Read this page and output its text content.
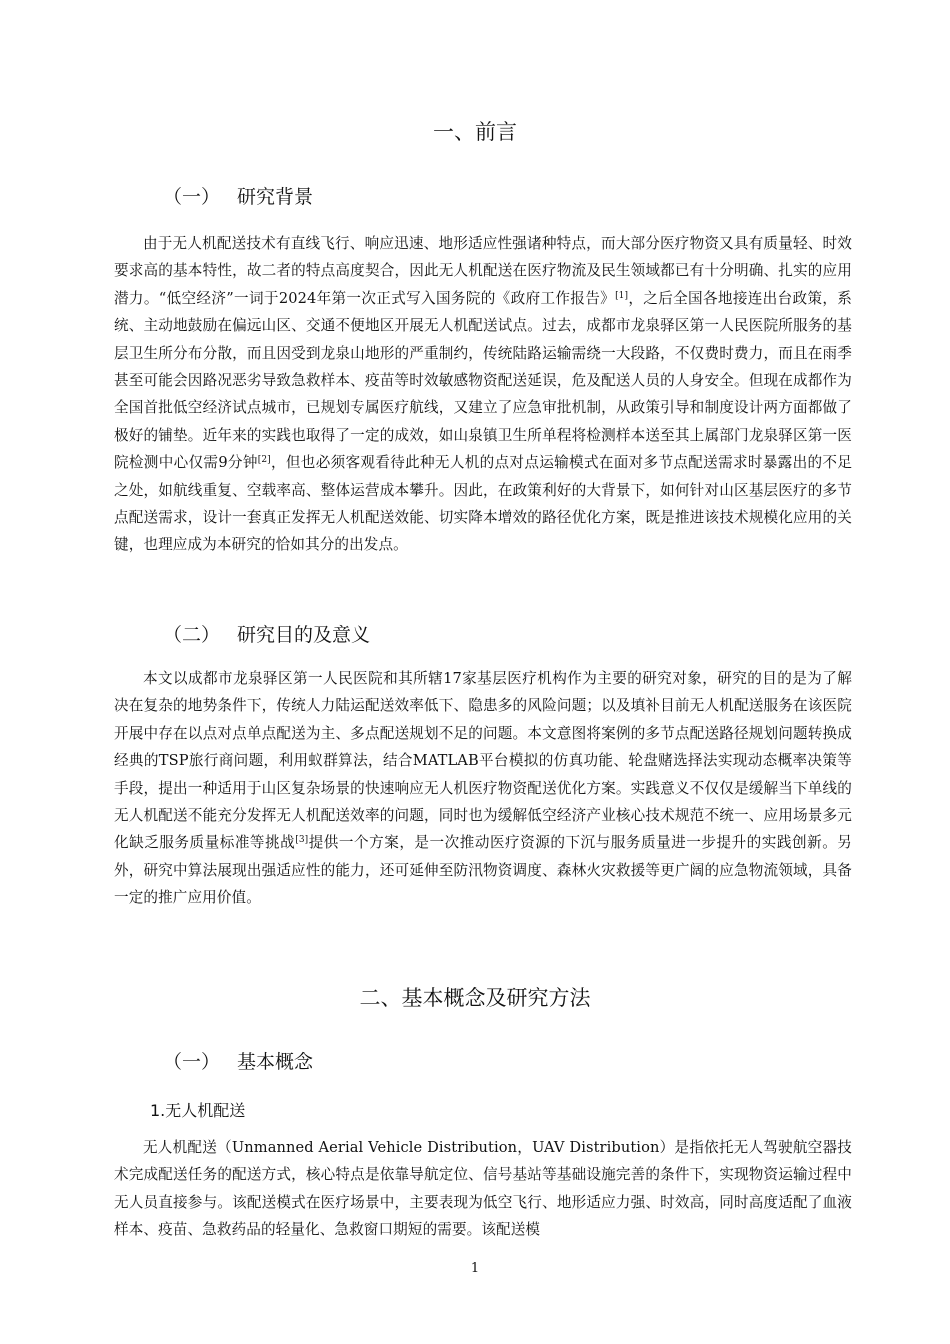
一、前言
（一） 研究背景

由于无人机配送技术有直线飞行、响应迅速、地形适应性强诸种特点，而大部分医疗物资又具有质量轻、时效要求高的基本特性，故二者的特点高度契合，因此无人机配送在医疗物流及民生领域都已有十分明确、扎实的应用潜力。“低空经济”一词于2024年第一次正式写入国务院的《政府工作报告》[1]，之后全国各地接连出台政策，系统、主动地鼓励在偏远山区、交通不便地区开展无人机配送试点。过去，成都市龙泉驿区第一人民医院所服务的基层卫生所分布分散，而且因受到龙泉山地形的严重制约，传统陆路运输需绕一大段路，不仅费时费力，而且在雨季甚至可能会因路况恶劣导致急救样本、疫苗等时效敏感物资配送延误，危及配送人员的人身安全。但现在成都作为全国首批低空经济试点城市，已规划专属医疗航线，又建立了应急审批机制，从政策引导和制度设计两方面都做了极好的铺垫。近年来的实践也取得了一定的成效，如山泉镇卫生所单程将检测样本送至其上属部门龙泉驿区第一医院检测中心仅需9分钟[2]，但也必须客观看待此种无人机的点对点运输模式在面对多节点配送需求时暴露出的不足之处，如航线重复、空载率高、整体运营成本攀升。因此，在政策利好的大背景下，如何针对山区基层医疗的多节点配送需求，设计一套真正发挥无人机配送效能、切实降本增效的路径优化方案，既是推进该技术规模化应用的关键，也理应成为本研究的恰如其分的出发点。

（二） 研究目的及意义

本文以成都市龙泉驿区第一人民医院和其所辖17家基层医疗机构作为主要的研究对象，研究的目的是为了解决在复杂的地势条件下，传统人力陆运配送效率低下、隐患多的风险问题；以及填补目前无人机配送服务在该医院开展中存在以点对点单点配送为主、多点配送规划不足的问题。本文意图将案例的多节点配送路径规划问题转换成经典的TSP旅行商问题，利用蚁群算法，结合MATLAB平台模拟的仿真功能、轮盘赌选择法实现动态概率决策等手段，提出一种适用于山区复杂场景的快速响应无人机医疗物资配送优化方案。实践意义不仅仅是缓解当下单线的无人机配送不能充分发挥无人机配送效率的问题，同时也为缓解低空经济产业核心技术规范不统一、应用场景多元化缺乏服务质量标准等挑战[3]提供一个方案，是一次推动医疗资源的下沉与服务质量进一步提升的实践创新。另外，研究中算法展现出强适应性的能力，还可延伸至防汛物资调度、森林火灾救援等更广阔的应急物流领域，具备一定的推广应用价值。

二、基本概念及研究方法
（一） 基本概念
1.无人机配送

无人机配送（Unmanned Aerial Vehicle Distribution，UAV Distribution）是指依托无人驾驶航空器技术完成配送任务的配送方式，核心特点是依靠导航定位、信号基站等基础设施完善的条件下，实现物资运输过程中无人员直接参与。该配送模式在医疗场景中，主要表现为低空飞行、地形适应力强、时效高，同时高度适配了血液样本、疫苗、急救药品的轻量化、急救窗口期短的需要。该配送模

1
